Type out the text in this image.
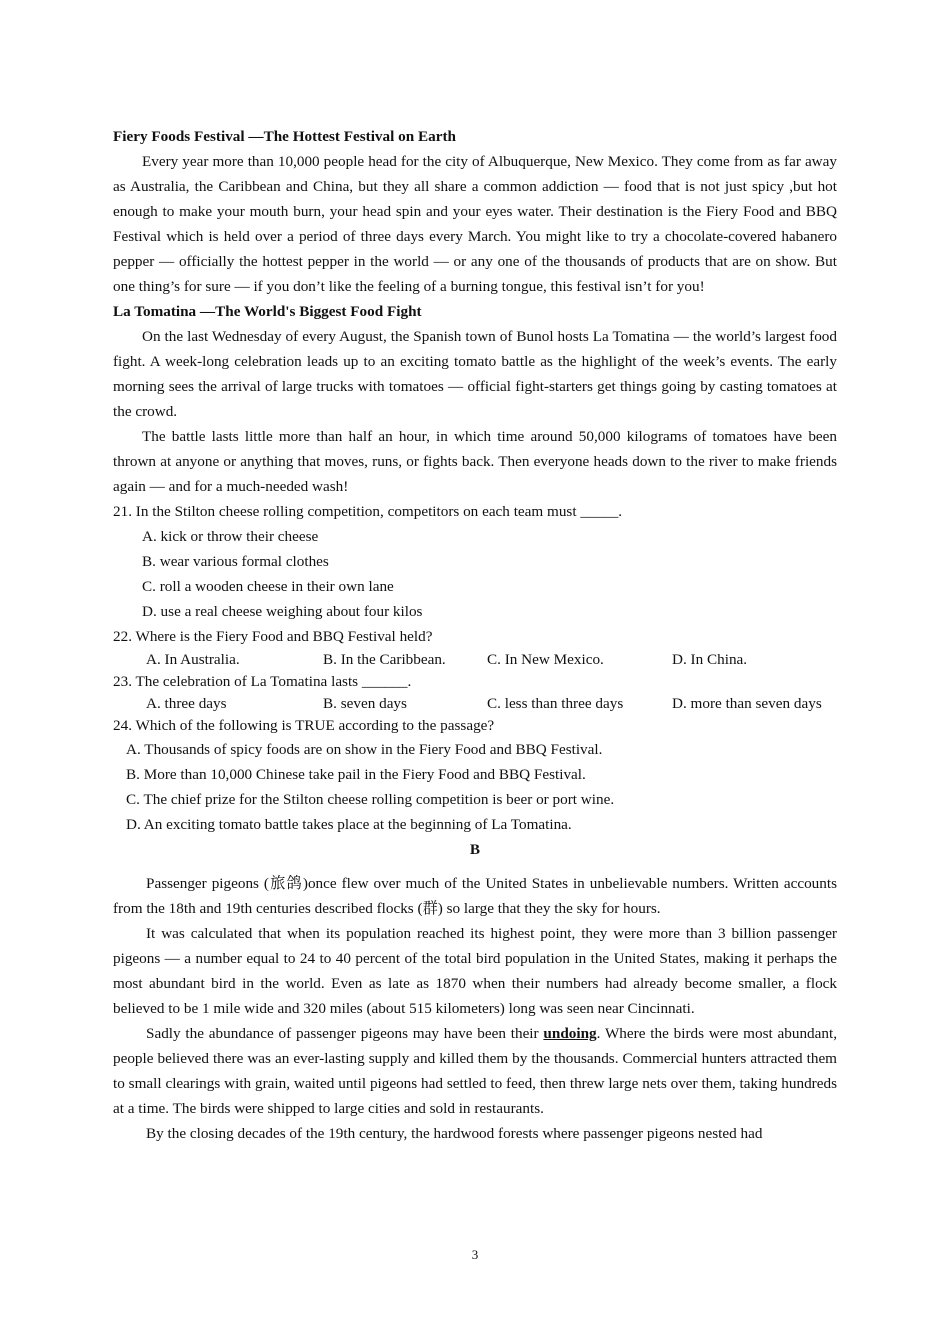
Fiery Foods Festival —The Hottest Festival on Earth

Every year more than 10,000 people head for the city of Albuquerque, New Mexico. They come from as far away as Australia, the Caribbean and China, but they all share a common addiction — food that is not just spicy ,but hot enough to make your mouth burn, your head spin and your eyes water. Their destination is the Fiery Food and BBQ Festival which is held over a period of three days every March. You might like to try a chocolate-covered habanero pepper — officially the hottest pepper in the world — or any one of the thousands of products that are on show. But one thing’s for sure — if you don’t like the feeling of a burning tongue, this festival isn’t for you!

La Tomatina —The World's Biggest Food Fight

On the last Wednesday of every August, the Spanish town of Bunol hosts La Tomatina — the world’s largest food fight. A week-long celebration leads up to an exciting tomato battle as the highlight of the week’s events. The early morning sees the arrival of large trucks with tomatoes — official fight-starters get things going by casting tomatoes at the crowd.

The battle lasts little more than half an hour, in which time around 50,000 kilograms of tomatoes have been thrown at anyone or anything that moves, runs, or fights back. Then everyone heads down to the river to make friends again — and for a much-needed wash!

21. In the Stilton cheese rolling competition, competitors on each team must _____.
A. kick or throw their cheese
B. wear various formal clothes
C. roll a wooden cheese in their own lane
D. use a real cheese weighing about four kilos
22. Where is the Fiery Food and BBQ Festival held?
A. In Australia.	B. In the Caribbean.	C. In New Mexico.	D. In China.
23. The celebration of La Tomatina lasts ______.
A. three days	B. seven days	C. less than three days	D. more than seven days
24. Which of the following is TRUE according to the passage?
A. Thousands of spicy foods are on show in the Fiery Food and BBQ Festival.
B. More than 10,000 Chinese take pail in the Fiery Food and BBQ Festival.
C. The chief prize for the Stilton cheese rolling competition is beer or port wine.
D. An exciting tomato battle takes place at the beginning of La Tomatina.
B

Passenger pigeons (旅鸽)once flew over much of the United States in unbelievable numbers. Written accounts from the 18th and 19th centuries described flocks (群) so large that they the sky for hours.

It was calculated that when its population reached its highest point, they were more than 3 billion passenger pigeons — a number equal to 24 to 40 percent of the total bird population in the United States, making it perhaps the most abundant bird in the world. Even as late as 1870 when their numbers had already become smaller, a flock believed to be 1 mile wide and 320 miles (about 515 kilometers) long was seen near Cincinnati.

Sadly the abundance of passenger pigeons may have been their undoing. Where the birds were most abundant, people believed there was an ever-lasting supply and killed them by the thousands. Commercial hunters attracted them to small clearings with grain, waited until pigeons had settled to feed, then threw large nets over them, taking hundreds at a time. The birds were shipped to large cities and sold in restaurants.

By the closing decades of the 19th century, the hardwood forests where passenger pigeons nested had

3
